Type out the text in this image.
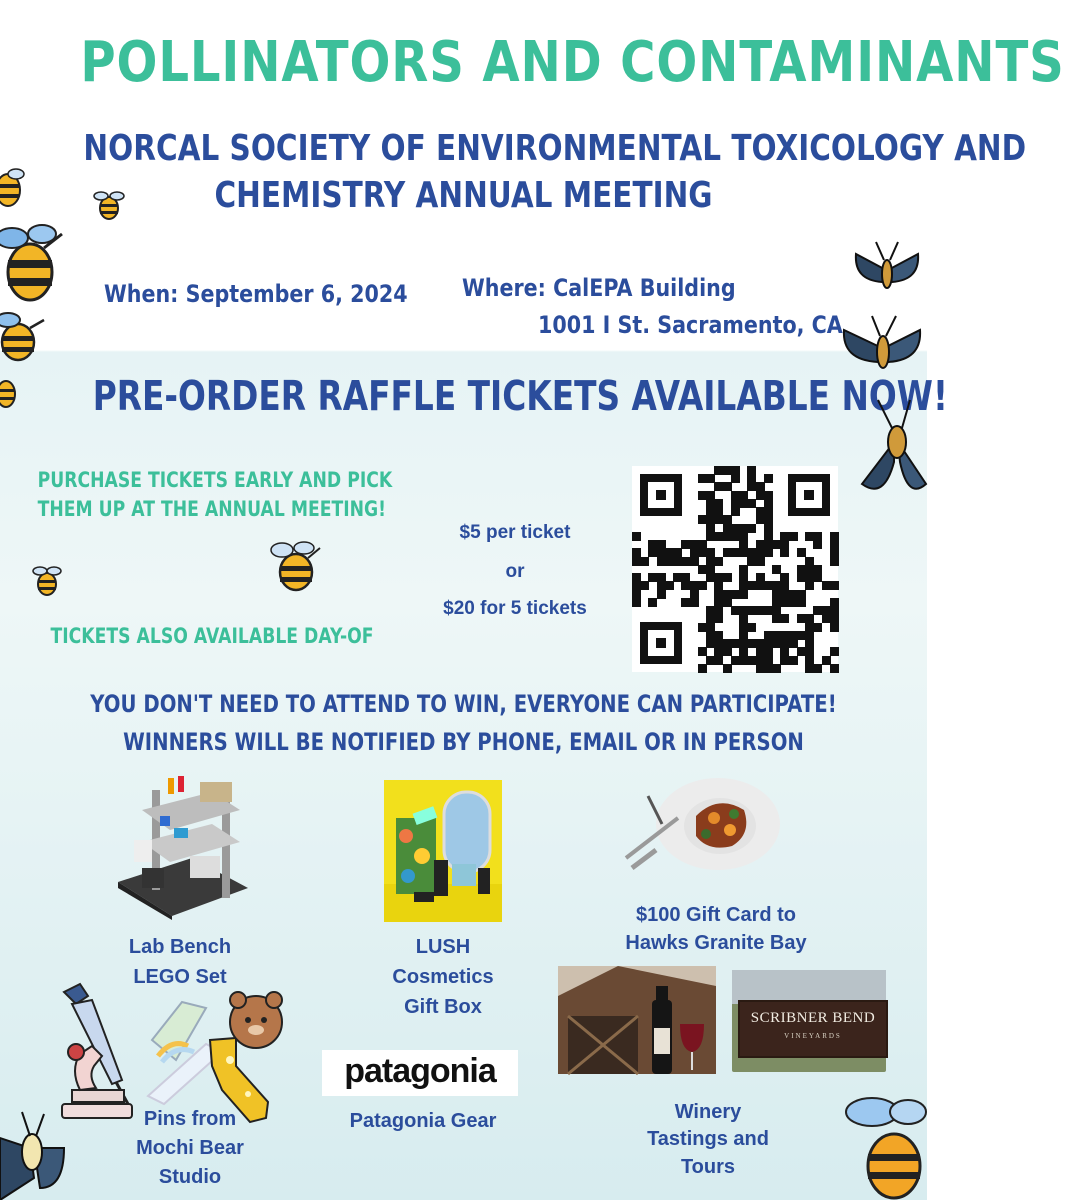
POLLINATORS AND CONTAMINANTS
NORCAL SOCIETY OF ENVIRONMENTAL TOXICOLOGY AND
CHEMISTRY ANNUAL MEETING
When: September 6, 2024 Where: CalEPA Building
1001 I St. Sacramento, CA
PRE-ORDER RAFFLE TICKETS AVAILABLE NOW!
PURCHASE TICKETS EARLY AND PICK
THEM UP AT THE ANNUAL MEETING!
TICKETS ALSO AVAILABLE DAY-OF
$5 per ticket
or
$20 for 5 tickets
YOU DON'T NEED TO ATTEND TO WIN, EVERYONE CAN PARTICIPATE!
WINNERS WILL BE NOTIFIED BY PHONE, EMAIL OR IN PERSON
Lab Bench
LEGO Set
LUSH
Cosmetics
Gift Box
$100 Gift Card to
Hawks Granite Bay
Pins from
Mochi Bear
Studio
patagonia
Patagonia Gear
SCRIBNER BEND
VINEYARDS
Winery
Tastings and
Tours
